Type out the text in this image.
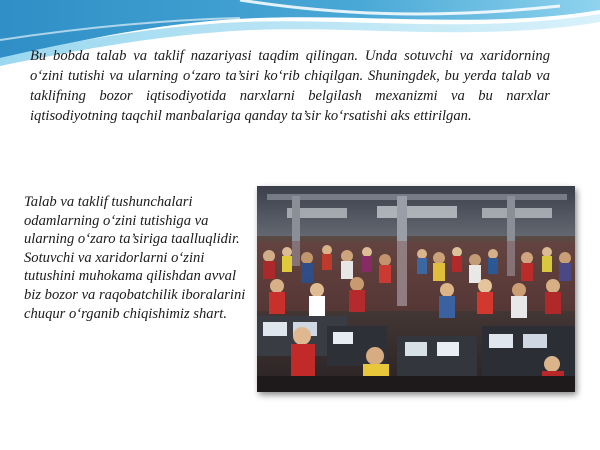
Bu bobda talab va taklif nazariyasi taqdim qilingan. Unda sotuvchi va xaridorning o‘zini tutishi va ularning o‘zaro ta’siri ko‘rib chiqilgan. Shuningdek, bu yerda talab va taklifning bozor iqtisodiyotida narxlarni belgilash mexanizmi va bu narxlar iqtisodiyotning taqchil manbalariga qanday ta’sir ko‘rsatishi aks ettirilgan.

Talab va taklif tushunchalari odamlarning o‘zini tutishiga va ularning o‘zaro ta’siriga taalluqlidir. Sotuvchi va xaridorlarni o‘zini tutushini muhokama qilishdan avval biz bozor va raqobatchilik iboralarini chuqur o‘rganib chiqishimiz shart.
